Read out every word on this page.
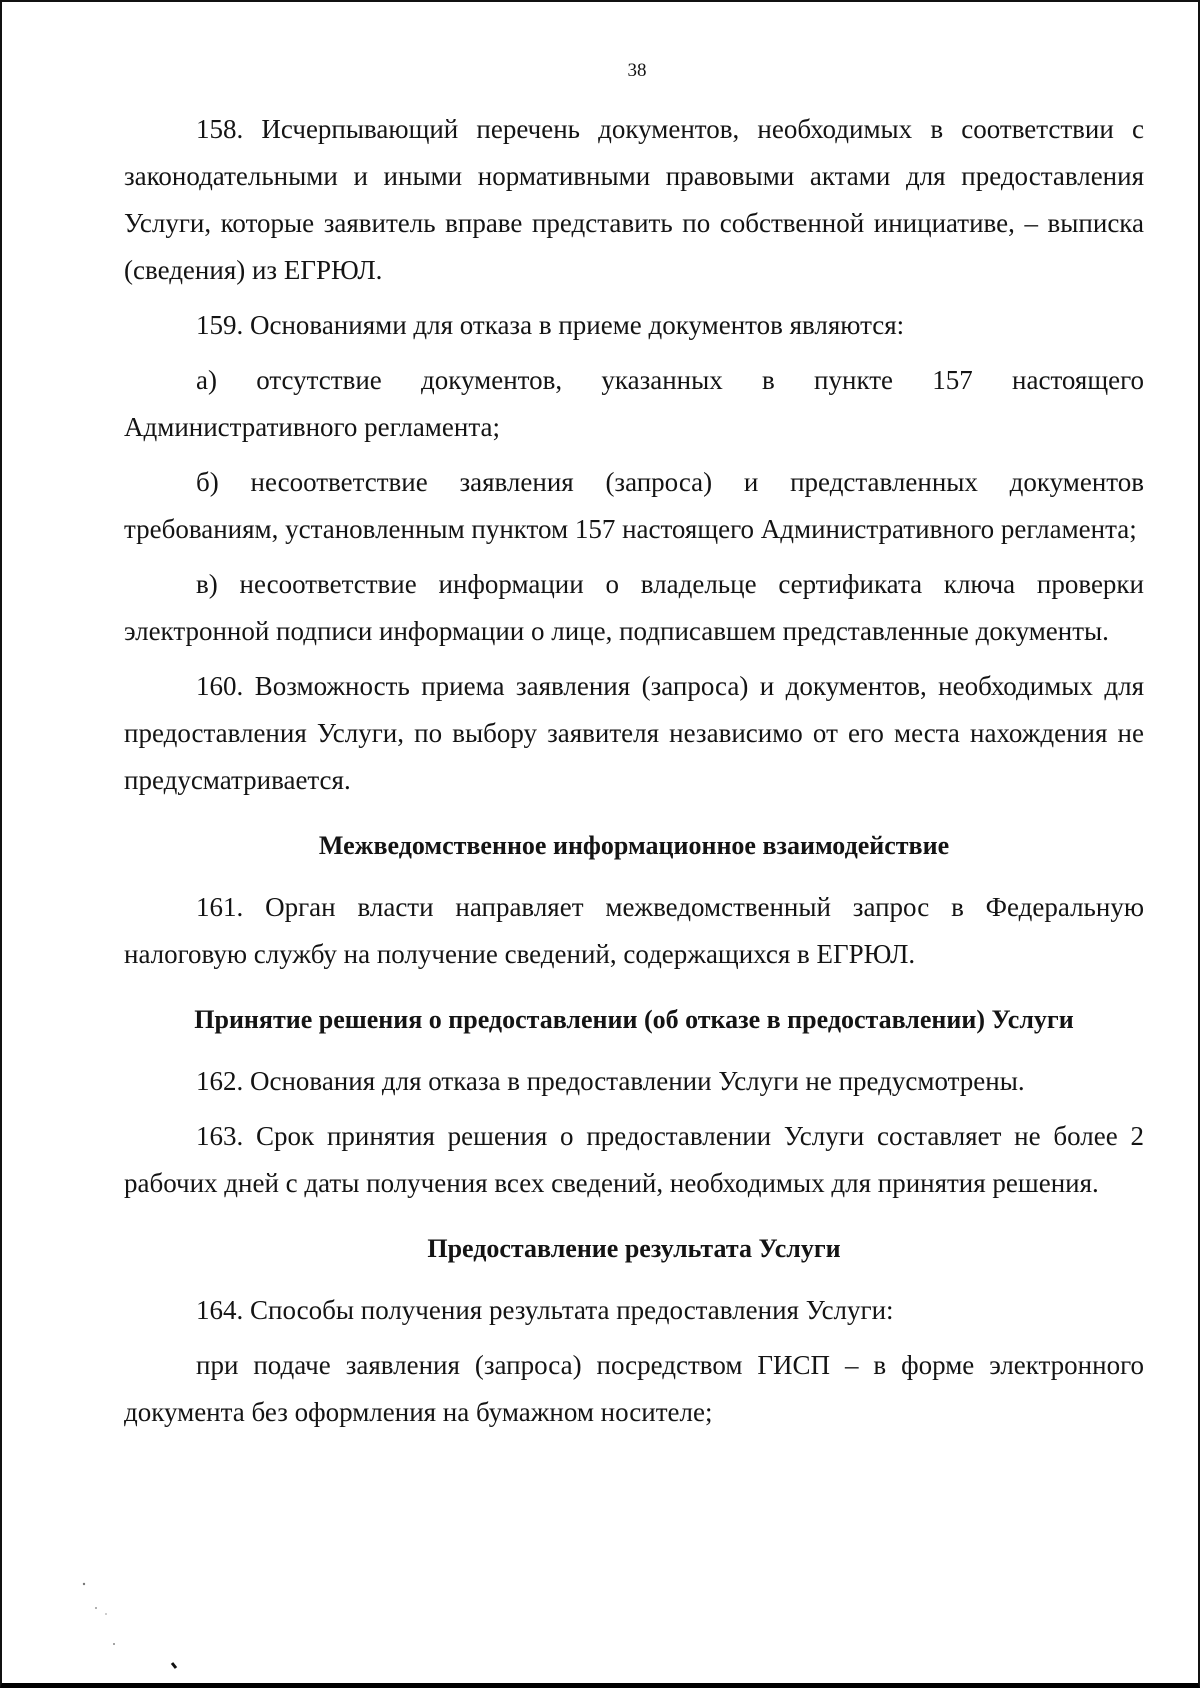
38

158. Исчерпывающий перечень документов, необходимых в соответствии с законодательными и иными нормативными правовыми актами для предоставления Услуги, которые заявитель вправе представить по собственной инициативе, – выписка (сведения) из ЕГРЮЛ.

159. Основаниями для отказа в приеме документов являются:

а) отсутствие документов, указанных в пункте 157 настоящего Административного регламента;

б) несоответствие заявления (запроса) и представленных документов требованиям, установленным пунктом 157 настоящего Административного регламента;

в) несоответствие информации о владельце сертификата ключа проверки электронной подписи информации о лице, подписавшем представленные документы.

160. Возможность приема заявления (запроса) и документов, необходимых для предоставления Услуги, по выбору заявителя независимо от его места нахождения не предусматривается.

Межведомственное информационное взаимодействие

161. Орган власти направляет межведомственный запрос в Федеральную налоговую службу на получение сведений, содержащихся в ЕГРЮЛ.

Принятие решения о предоставлении (об отказе в предоставлении) Услуги

162. Основания для отказа в предоставлении Услуги не предусмотрены.

163. Срок принятия решения о предоставлении Услуги составляет не более 2 рабочих дней с даты получения всех сведений, необходимых для принятия решения.

Предоставление результата Услуги

164. Способы получения результата предоставления Услуги:

при подаче заявления (запроса) посредством ГИСП – в форме электронного документа без оформления на бумажном носителе;
